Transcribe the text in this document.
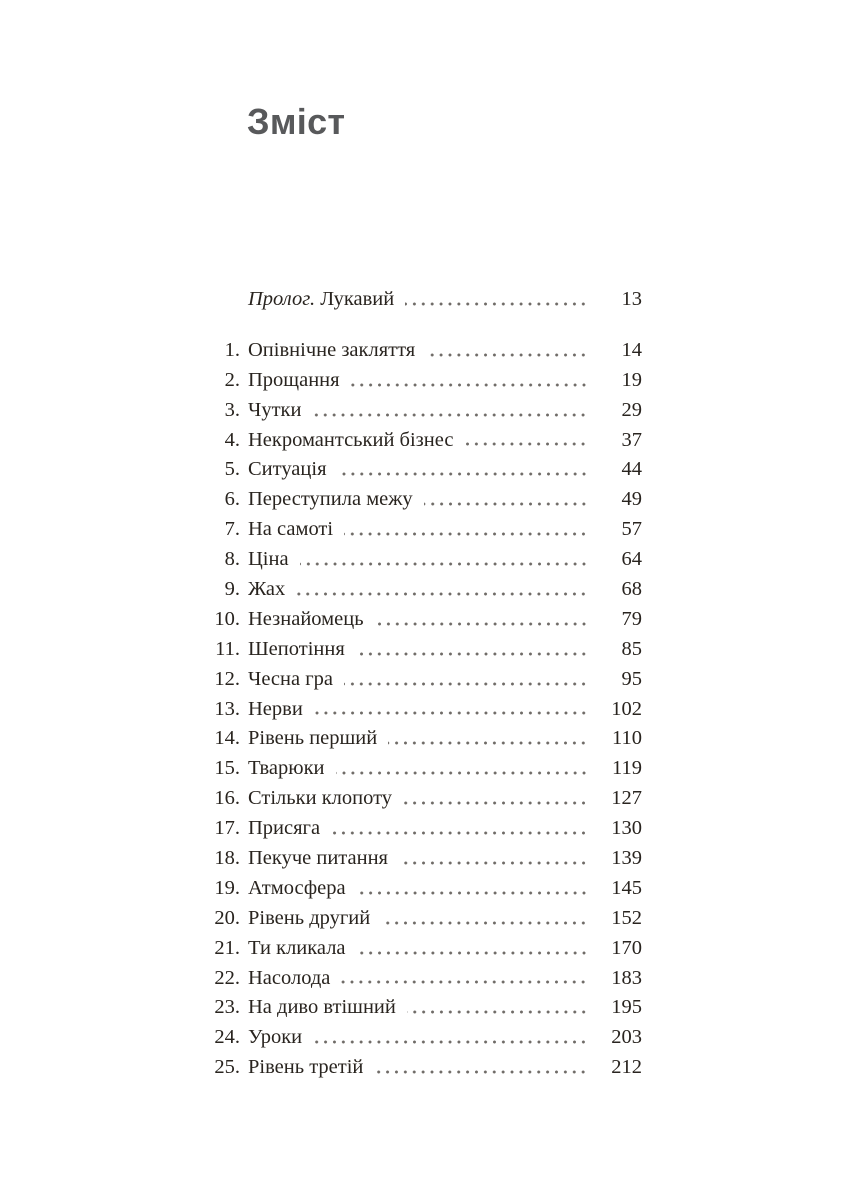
Зміст
Пролог. Лукавий	13
1. Опівнічне закляття	14
2. Прощання	19
3. Чутки	29
4. Некромантський бізнес	37
5. Ситуація	44
6. Переступила межу	49
7. На самоті	57
8. Ціна	64
9. Жах	68
10. Незнайомець	79
11. Шепотіння	85
12. Чесна гра	95
13. Нерви	102
14. Рівень перший	110
15. Тварюки	119
16. Стільки клопоту	127
17. Присяга	130
18. Пекуче питання	139
19. Атмосфера	145
20. Рівень другий	152
21. Ти кликала	170
22. Насолода	183
23. На диво втішний	195
24. Уроки	203
25. Рівень третій	212
